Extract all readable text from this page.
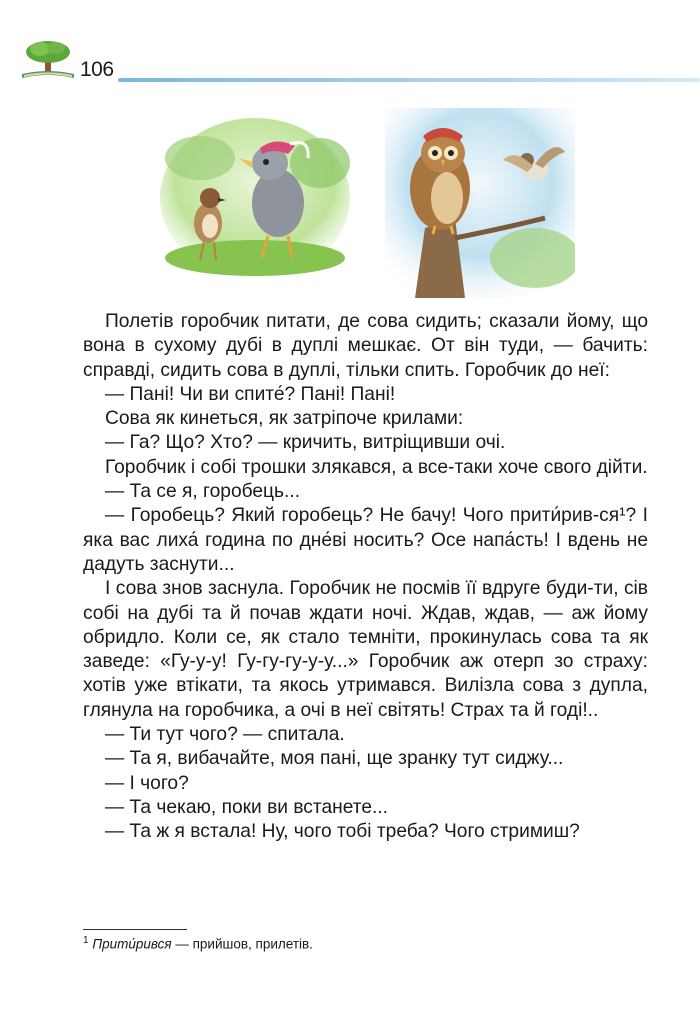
106

Полетів горобчик питати, де сова сидить; сказали йому, що вона в сухому дубі в дуплі мешкає. От він туди, — бачить: справді, сидить сова в дуплі, тільки спить. Горобчик до неї:

— Пані! Чи ви спите́? Пані! Пані!

Сова як кинеться, як затріпоче крилами:

— Га? Що? Хто? — кричить, витріщивши очі.

Горобчик і собі трошки злякався, а все-таки хоче свого дійти.

— Та се я, горобець...

— Горобець? Який горобець? Не бачу! Чого прити́рив-ся¹? І яка вас лиха́ година по дне́ві носить? Осе напа́сть! І вдень не дадуть заснути...

І сова знов заснула. Горобчик не посмів її вдруге буди-ти, сів собі на дубі та й почав ждати ночі. Ждав, ждав, — аж йому обридло. Коли се, як стало темніти, прокинулась сова та як заведе: «Гу-у-у! Гу-гу-гу-у-у...» Горобчик аж отерп зо страху: хотів уже втікати, та якось утримався. Вилізла сова з дупла, глянула на горобчика, а очі в неї світять! Страх та й годі!..

— Ти тут чого? — спитала.

— Та я, вибачайте, моя пані, ще зранку тут сиджу...

— І чого?

— Та чекаю, поки ви встанете...

— Та ж я встала! Ну, чого тобі треба? Чого стримиш?

$^1$ Прити́рився — прийшов, прилетів.
